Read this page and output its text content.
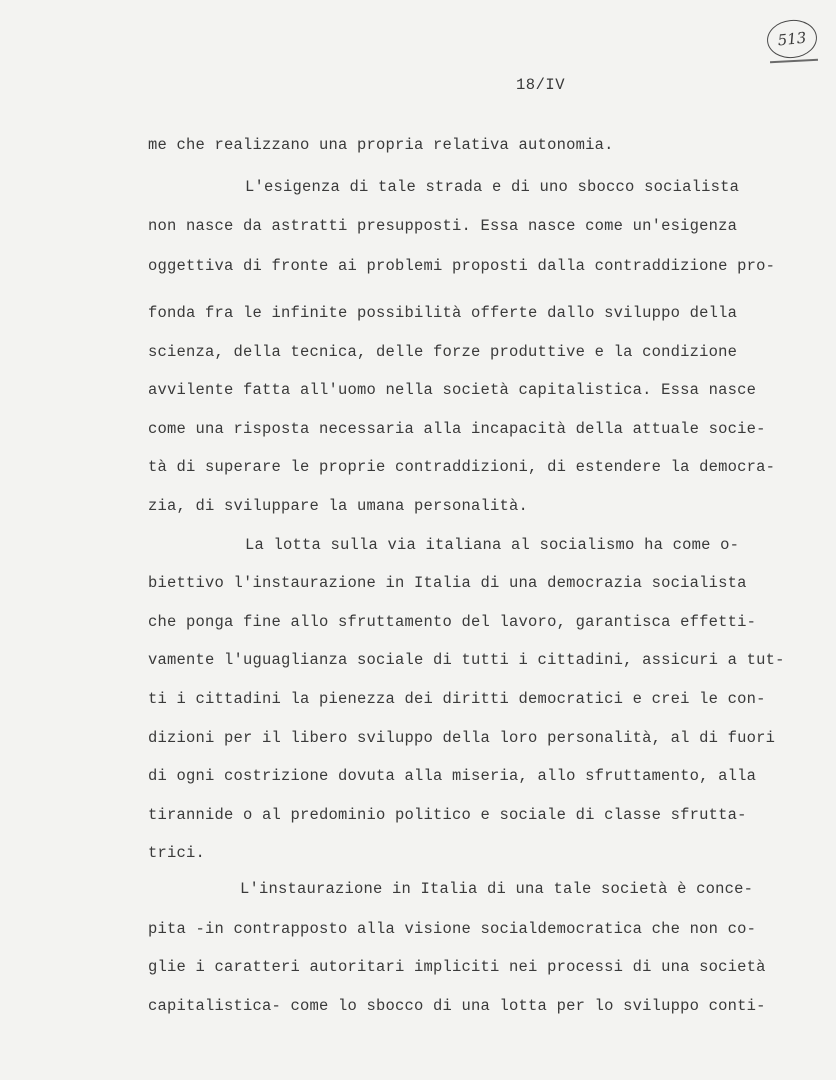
513
18/IV
me che realizzano una propria relativa autonomia.
L'esigenza di tale strada e di uno sbocco socialista
non nasce da astratti presupposti. Essa nasce come un'esigenza
oggettiva di fronte ai problemi proposti dalla contraddizione pro-
fonda fra le infinite possibilità offerte dallo sviluppo della
scienza, della tecnica, delle forze produttive e la condizione
avvilente fatta all'uomo nella società capitalistica. Essa nasce
come una risposta necessaria alla incapacità della attuale socie-
tà di superare le proprie contraddizioni, di estendere la democra-
zia, di sviluppare la umana personalità.
La lotta sulla via italiana al socialismo ha come o-
biettivo l'instaurazione in Italia di una democrazia socialista
che ponga fine allo sfruttamento del lavoro, garantisca effetti-
vamente l'uguaglianza sociale di tutti i cittadini, assicuri a tut-
ti i cittadini la pienezza dei diritti democratici e crei le con-
dizioni per il libero sviluppo della loro personalità, al di fuori
di ogni costrizione dovuta alla miseria, allo sfruttamento, alla
tirannide o al predominio politico e sociale di classe sfrutta-
trici.
L'instaurazione in Italia di una tale società è conce-
pita -in contrapposto alla visione socialdemocratica che non co-
glie i caratteri autoritari impliciti nei processi di una società
capitalistica- come lo sbocco di una lotta per lo sviluppo conti-
